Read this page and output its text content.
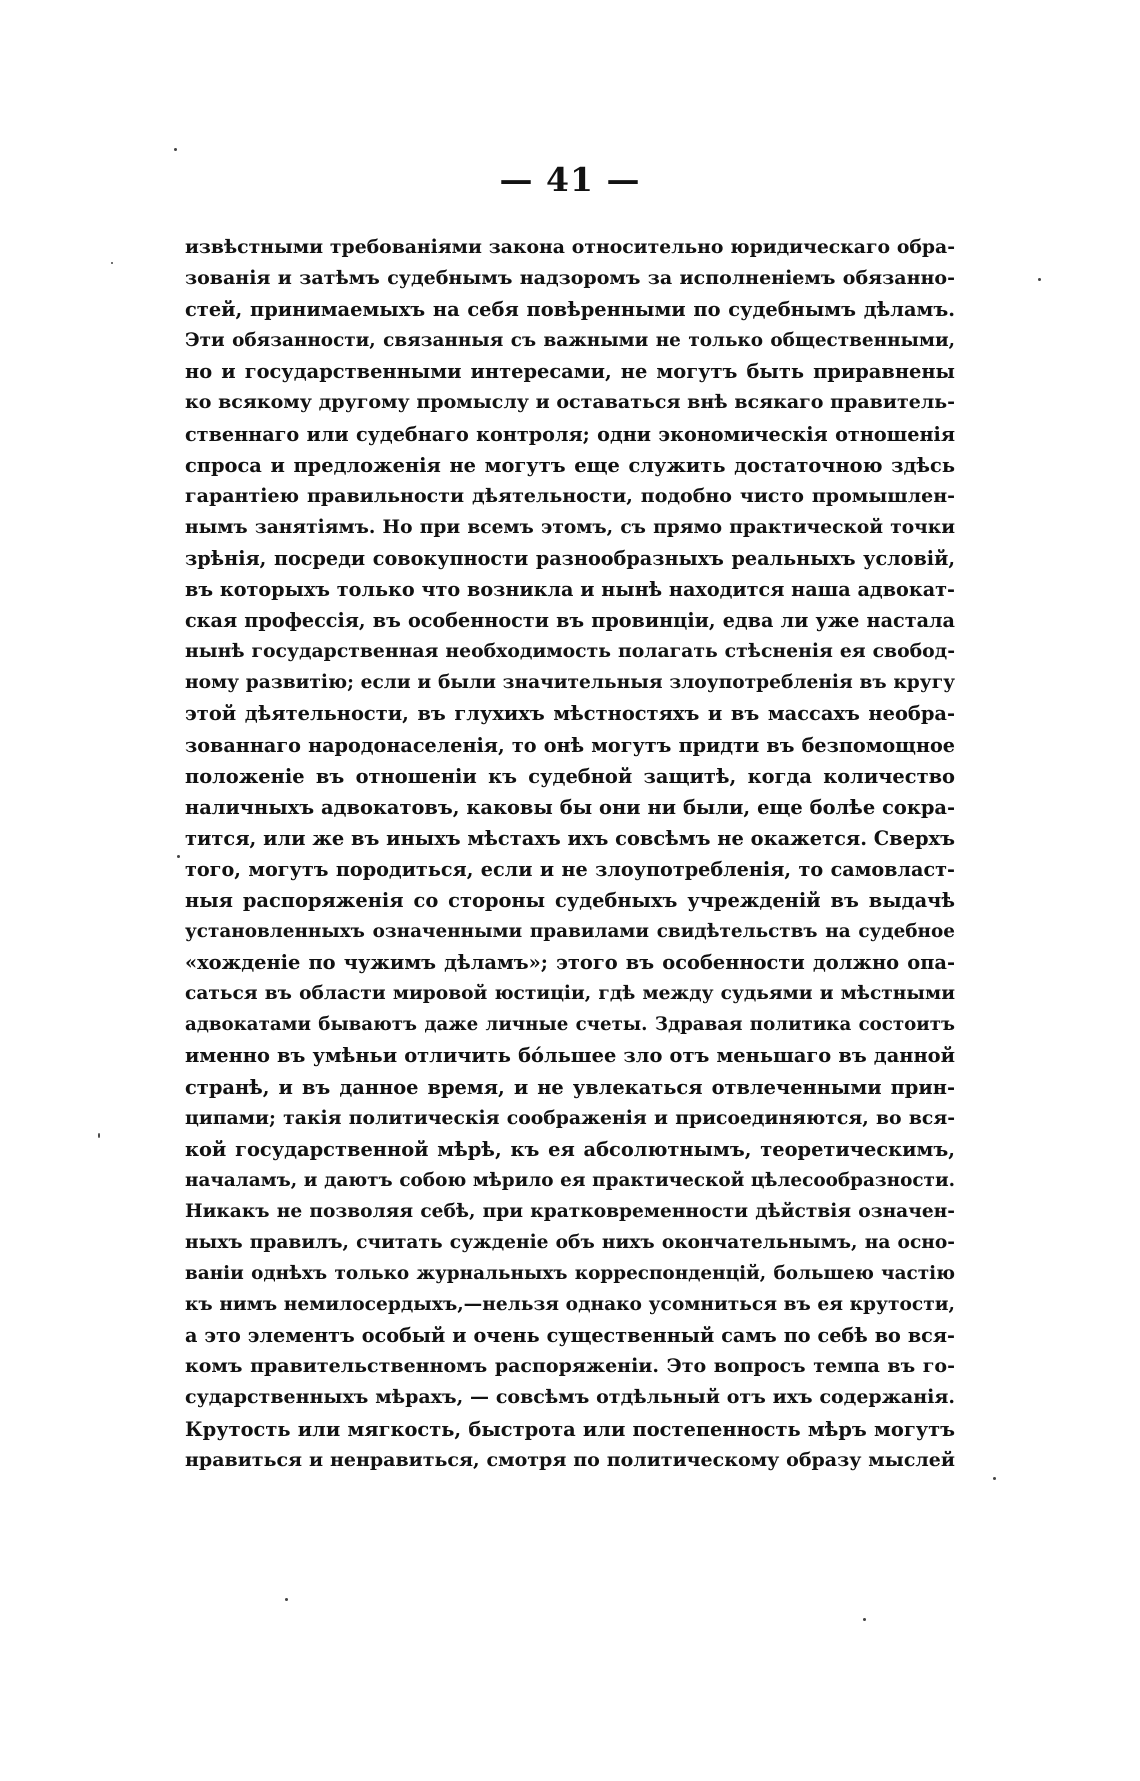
— 41 —
извѣстными требованіями закона относительно юридическаго обра-
зованія и затѣмъ судебнымъ надзоромъ за исполненіемъ обязанно-
стей, принимаемыхъ на себя повѣренными по судебнымъ дѣламъ.
Эти обязанности, связанныя съ важными не только общественными,
но и государственными интересами, не могутъ быть приравнены
ко всякому другому промыслу и оставаться внѣ всякаго правитель-
ственнаго или судебнаго контроля; одни экономическія отношенія
спроса и предложенія не могутъ еще служить достаточною здѣсь
гарантіею правильности дѣятельности, подобно чисто промышлен-
нымъ занятіямъ. Но при всемъ этомъ, съ прямо практической точки
зрѣнія, посреди совокупности разнообразныхъ реальныхъ условій,
въ которыхъ только что возникла и нынѣ находится наша адвокат-
ская профессія, въ особенности въ провинціи, едва ли уже настала
нынѣ государственная необходимость полагать стѣсненія ея свобод-
ному развитію; если и были значительныя злоупотребленія въ кругу
этой дѣятельности, въ глухихъ мѣстностяхъ и въ массахъ необра-
зованнаго народонаселенія, то онѣ могутъ придти въ безпомощное
положеніе въ отношеніи къ судебной защитѣ, когда количество
наличныхъ адвокатовъ, каковы бы они ни были, еще болѣе сокра-
тится, или же въ иныхъ мѣстахъ ихъ совсѣмъ не окажется. Сверхъ
того, могутъ породиться, если и не злоупотребленія, то самовласт-
ныя распоряженія со стороны судебныхъ учрежденій въ выдачѣ
установленныхъ означенными правилами свидѣтельствъ на судебное
«хожденіе по чужимъ дѣламъ»; этого въ особенности должно опа-
саться въ области мировой юстиціи, гдѣ между судьями и мѣстными
адвокатами бываютъ даже личные счеты. Здравая политика состоитъ
именно въ умѣньи отличить бо́льшее зло отъ меньшаго въ данной
странѣ, и въ данное время, и не увлекаться отвлеченными прин-
ципами; такія политическія соображенія и присоединяются, во вся-
кой государственной мѣрѣ, къ ея абсолютнымъ, теоретическимъ,
началамъ, и даютъ собою мѣрило ея практической цѣлесообразности.
Никакъ не позволяя себѣ, при кратковременности дѣйствія означен-
ныхъ правилъ, считать сужденіе объ нихъ окончательнымъ, на осно-
ваніи однѣхъ только журнальныхъ корреспонденцій, большею частію
къ нимъ немилосердыхъ,—нельзя однако усомниться въ ея крутости,
а это элементъ особый и очень существенный самъ по себѣ во вся-
комъ правительственномъ распоряженіи. Это вопросъ темпа въ го-
сударственныхъ мѣрахъ, — совсѣмъ отдѣльный отъ ихъ содержанія.
Крутость или мягкость, быстрота или постепенность мѣръ могутъ
нравиться и ненравиться, смотря по политическому образу мыслей
